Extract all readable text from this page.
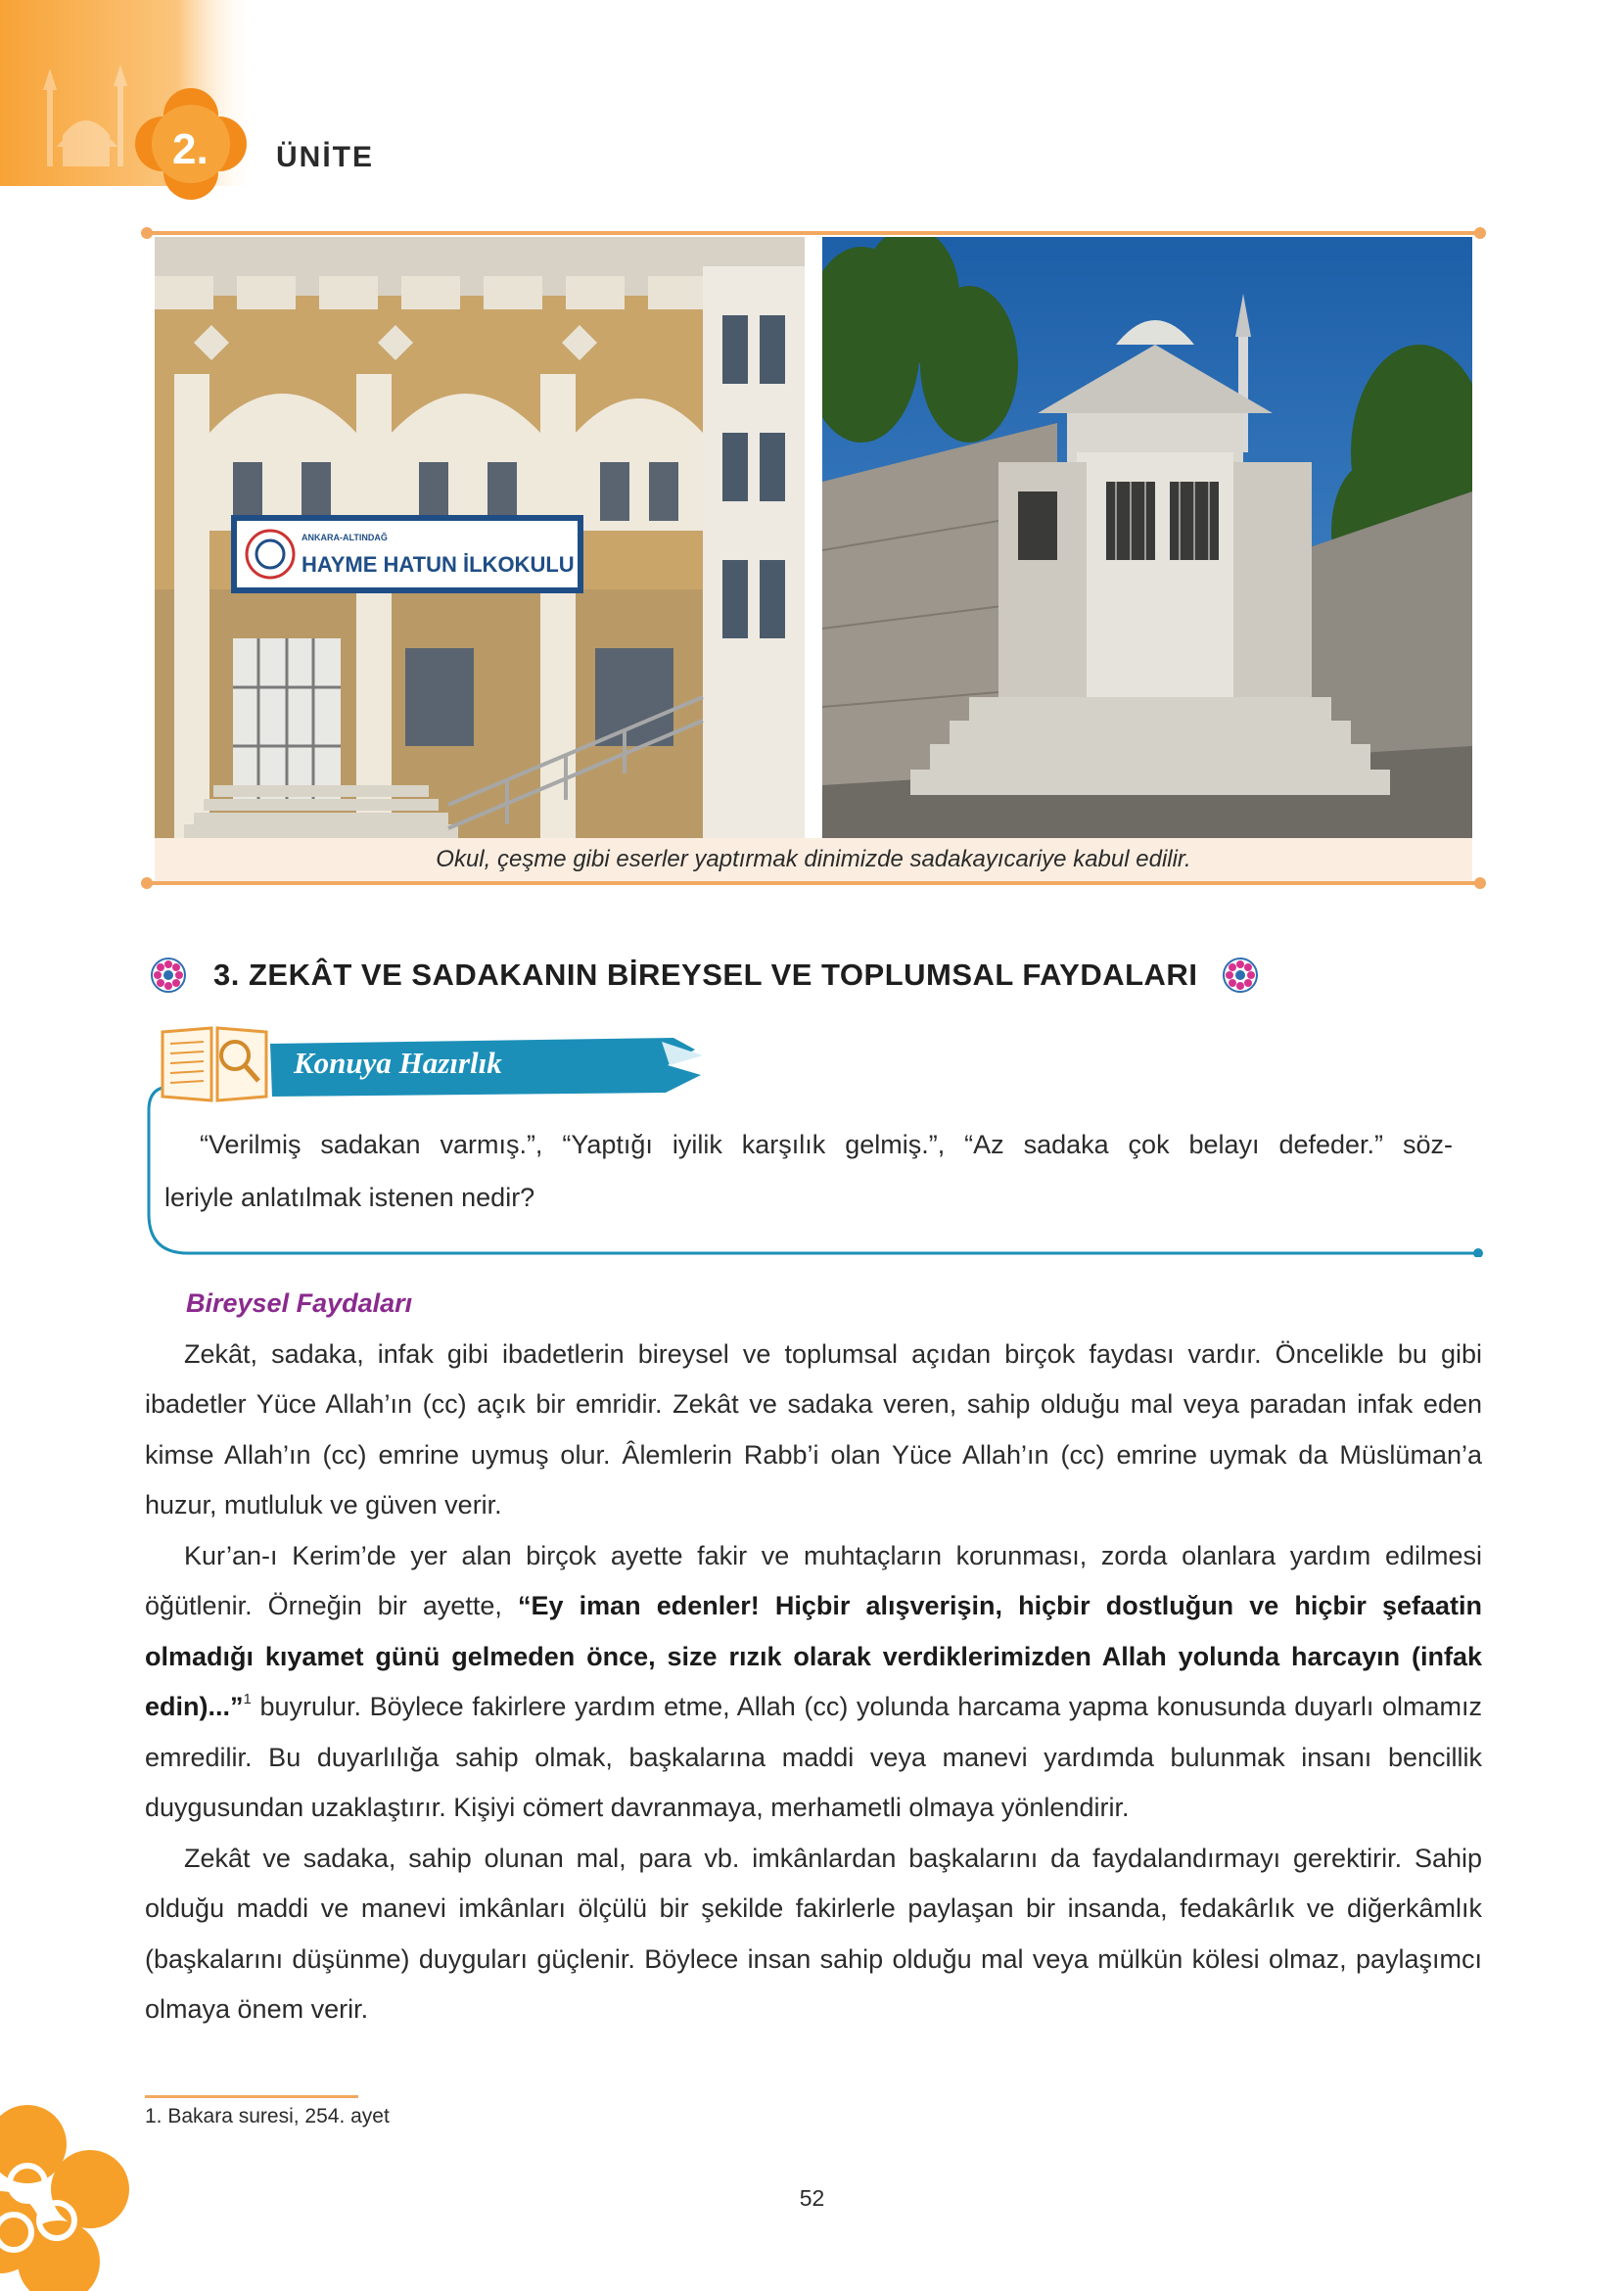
2. ÜNİTE
ANKARA-ALTINDAĞ
HAYME HATUN İLKOKULU
Okul, çeşme gibi eserler yaptırmak dinimizde sadakayıcariye kabul edilir.
3. ZEKÂT VE SADAKANIN BİREYSEL VE TOPLUMSAL FAYDALARI
Konuya Hazırlık
“Verilmiş sadakan varmış.”, “Yaptığı iyilik karşılık gelmiş.”, “Az sadaka çok belayı defeder.” söz-
leriyle anlatılmak istenen nedir?
Bireysel Faydaları

Zekât, sadaka, infak gibi ibadetlerin bireysel ve toplumsal açıdan birçok faydası vardır. Öncelikle bu gibi ibadetler Yüce Allah’ın (cc) açık bir emridir. Zekât ve sadaka veren, sahip olduğu mal veya paradan infak eden kimse Allah’ın (cc) emrine uymuş olur. Âlemlerin Rabb’i olan Yüce Allah’ın (cc) emrine uymak da Müslüman’a huzur, mutluluk ve güven verir.

Kur’an-ı Kerim’de yer alan birçok ayette fakir ve muhtaçların korunması, zorda olanlara yardım edilmesi öğütlenir. Örneğin bir ayette, “Ey iman edenler! Hiçbir alışverişin, hiçbir dostluğun ve hiçbir şefaatin olmadığı kıyamet günü gelmeden önce, size rızık olarak verdiklerimizden Allah yolunda harcayın (infak edin)...”$^1$ buyrulur. Böylece fakirlere yardım etme, Allah (cc) yolunda harcama yapma konusunda duyarlı olmamız emredilir. Bu duyarlılığa sahip olmak, başkalarına maddi veya manevi yardımda bulunmak insanı bencillik duygusundan uzaklaştırır. Kişiyi cömert davranmaya, merhametli olmaya yönlendirir.

Zekât ve sadaka, sahip olunan mal, para vb. imkânlardan başkalarını da faydalandırmayı gerektirir. Sahip olduğu maddi ve manevi imkânları ölçülü bir şekilde fakirlerle paylaşan bir insanda, fedakârlık ve diğerkâmlık (başkalarını düşünme) duyguları güçlenir. Böylece insan sahip olduğu mal veya mülkün kölesi olmaz, paylaşımcı olmaya önem verir.

1. Bakara suresi, 254. ayet
52
